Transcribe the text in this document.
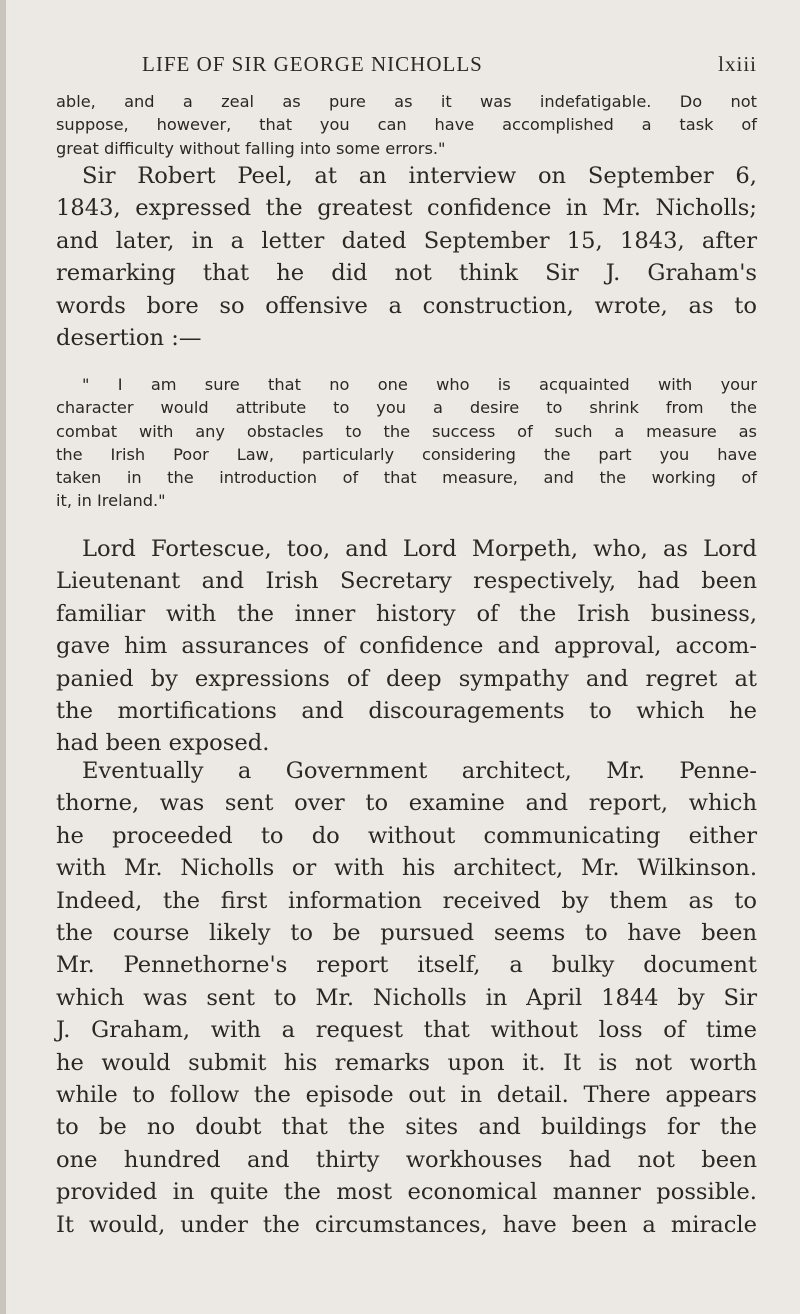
LIFE OF SIR GEORGE NICHOLLS	lxiii
able, and a zeal as pure as it was indefatigable. Do not
suppose, however, that you can have accomplished a task of
great difficulty without falling into some errors."
Sir Robert Peel, at an interview on September 6,
1843, expressed the greatest confidence in Mr. Nicholls;
and later, in a letter dated September 15, 1843, after
remarking that he did not think Sir J. Graham's
words bore so offensive a construction, wrote, as to
desertion :—
" I am sure that no one who is acquainted with your
character would attribute to you a desire to shrink from the
combat with any obstacles to the success of such a measure as
the Irish Poor Law, particularly considering the part you have
taken in the introduction of that measure, and the working of
it, in Ireland."
Lord Fortescue, too, and Lord Morpeth, who, as Lord
Lieutenant and Irish Secretary respectively, had been
familiar with the inner history of the Irish business,
gave him assurances of confidence and approval, accom-
panied by expressions of deep sympathy and regret at
the mortifications and discouragements to which he
had been exposed.
Eventually a Government architect, Mr. Penne-
thorne, was sent over to examine and report, which
he proceeded to do without communicating either
with Mr. Nicholls or with his architect, Mr. Wilkinson.
Indeed, the first information received by them as to
the course likely to be pursued seems to have been
Mr. Pennethorne's report itself, a bulky document
which was sent to Mr. Nicholls in April 1844 by Sir
J. Graham, with a request that without loss of time
he would submit his remarks upon it. It is not worth
while to follow the episode out in detail. There appears
to be no doubt that the sites and buildings for the
one hundred and thirty workhouses had not been
provided in quite the most economical manner possible.
It would, under the circumstances, have been a miracle
